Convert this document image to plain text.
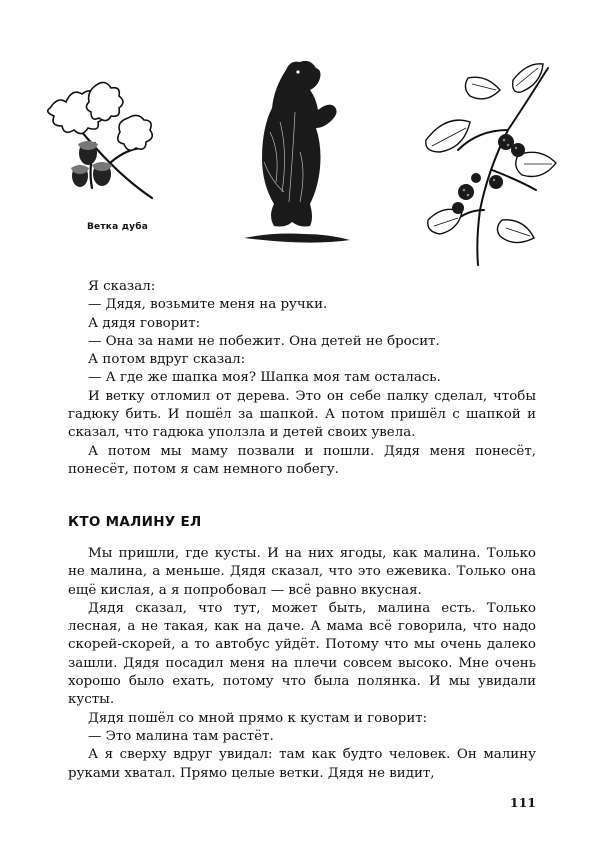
Ветка дуба

Я сказал:

— Дядя, возьмите меня на ручки.

А дядя говорит:

— Она за нами не побежит. Она детей не бросит.

А потом вдруг сказал:

— А где же шапка моя? Шапка моя там осталась.

И ветку отломил от дерева. Это он себе палку сделал, чтобы гадюку бить. И пошёл за шапкой. А потом пришёл с шапкой и сказал, что гадюка уползла и детей своих увела.

А потом мы маму позвали и пошли. Дядя меня понесёт, понесёт, потом я сам немного побегу.

КТО МАЛИНУ ЕЛ

Мы пришли, где кусты. И на них ягоды, как малина. Только не малина, а меньше. Дядя сказал, что это ежевика. Только она ещё кислая, а я попробовал — всё равно вкусная.

Дядя сказал, что тут, может быть, малина есть. Только лесная, а не такая, как на даче. А мама всё говорила, что надо скорей-скорей, а то автобус уйдёт. Потому что мы очень далеко зашли. Дядя посадил меня на плечи совсем высоко. Мне очень хорошо было ехать, потому что была полянка. И мы увидали кусты.

Дядя пошёл со мной прямо к кустам и говорит:

— Это малина там растёт.

А я сверху вдруг увидал: там как будто человек. Он малину руками хватал. Прямо целые ветки. Дядя не видит,

111
